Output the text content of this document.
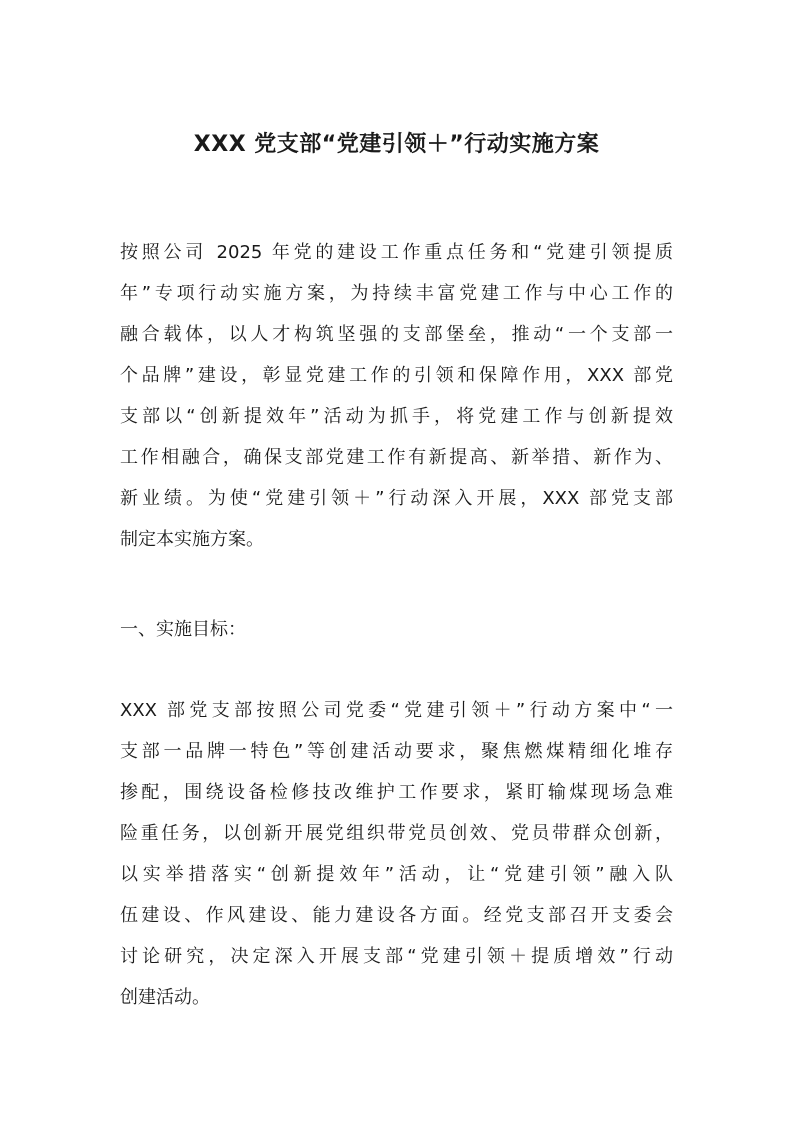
XXX 党支部“党建引领＋”行动实施方案
按照公司 2025 年党的建设工作重点任务和“党建引领提质
年”专项行动实施方案，为持续丰富党建工作与中心工作的
融合载体，以人才构筑坚强的支部堡垒，推动“一个支部一
个品牌”建设，彰显党建工作的引领和保障作用，XXX 部党
支部以“创新提效年”活动为抓手，将党建工作与创新提效
工作相融合，确保支部党建工作有新提高、新举措、新作为、
新业绩。为使“党建引领＋”行动深入开展，XXX 部党支部
制定本实施方案。
一、实施目标：
XXX 部党支部按照公司党委“党建引领＋”行动方案中“一
支部一品牌一特色”等创建活动要求，聚焦燃煤精细化堆存
掺配，围绕设备检修技改维护工作要求，紧盯输煤现场急难
险重任务，以创新开展党组织带党员创效、党员带群众创新，
以实举措落实“创新提效年”活动，让“党建引领”融入队
伍建设、作风建设、能力建设各方面。经党支部召开支委会
讨论研究，决定深入开展支部“党建引领＋提质增效”行动
创建活动。
